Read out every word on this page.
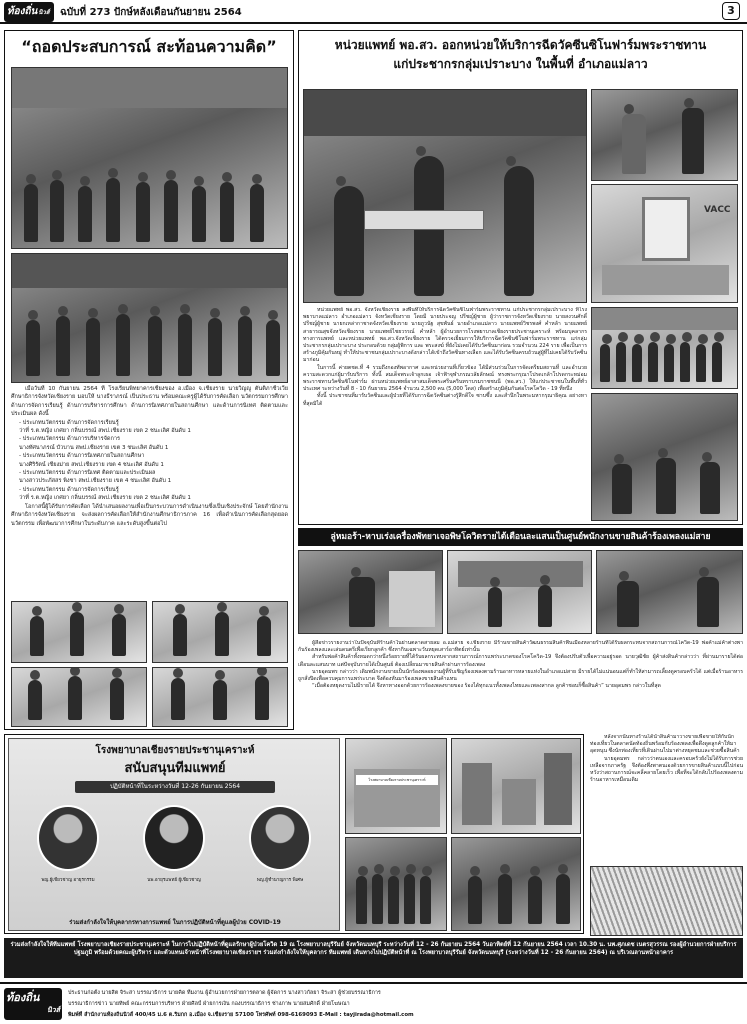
ท้องถิ่นนิวส์	ฉบับที่ 273 ปักษ์หลังเดือนกันยายน 2564	3
“ถอดประสบการณ์ สะท้อนความคิด”

เมื่อวันที่ 10 กันยายน 2564 ที่ โรงเรียนพิทยาคารเชียงของ อ.เมือง จ.เชียงราย นายวิญญู ตันติภาชีวเวีย ศึกษาธิการจังหวัดเชียงราย มอบให้ นางธีราภรณ์ เป็นประธาน พร้อมคณะครูผู้ได้รับการคัดเลือก นวัตกรรมการศึกษา ด้านการจัดการเรียนรู้ ด้านการบริหารการศึกษา ด้านการนิเทศภายในสถานศึกษา และด้านการนิเทศ ติดตามและประเมินผล ดังนี้

- ประเภทนวัตกรรม ด้านการจัดการเรียนรู้
ว่าที่ ร.ต.หญิง เกศยา กลิ่นบรรณ์ สพป.เชียงราย เขต 2 ชนะเลิศ อันดับ 1
- ประเภทนวัตกรรม ด้านการบริหารจัดการ
นางทัศนาภรณ์ บัวบาน สพป.เชียงราย เขต 3 ชนะเลิศ อันดับ 1
- ประเภทนวัตกรรม ด้านการนิเทศภายในสถานศึกษา
นางศิริรัตน์ เชียงม่าย สพป.เชียงราย เขต 4 ชนะเลิศ อันดับ 1
- ประเภทนวัตกรรม ด้านการนิเทศ ติดตามและประเมินผล
นางสาวประภัสสร พิงชา สพป.เชียงราย เขต 4 ชนะเลิศ อันดับ 1
- ประเภทนวัตกรรม ด้านการจัดการเรียนรู้
ว่าที่ ร.ต.หญิง เกศยา กลิ่นบรรณ์ สพป.เชียงราย เขต 2 ชนะเลิศ อันดับ 1

โอกาสนี้ผู้ได้รับการคัดเลือก ได้นำเสนอผลงานเพื่อเป็นกระบวนการดำเนินงานซึ่งเป็นเชิงประจักษ์ โดยสำนักงานศึกษาธิการจังหวัดเชียงราย จะส่งผลการคัดเลือกให้สำนักงานศึกษาธิการภาค 16 เพื่อดำเนินการคัดเลือกสุดยอดนวัตกรรม เพื่อพัฒนาการศึกษาในระดับภาค และระดับสูงขึ้นต่อไป

หน่วยแพทย์ พอ.สว. ออกหน่วยให้บริการฉีดวัคซีนซิโนฟาร์มพระราชทาน
แก่ประชากรกลุ่มเปราะบาง ในพื้นที่ อำเภอแม่ลาว
VACC

หน่วยแพทย์ พอ.สว. จังหวัดเชียงราย ลงพื้นที่ให้บริการฉีดวัคซีนซิโนฟาร์มพระราชทาน แก่ประชากรกลุ่มเปราะบาง ที่โรงพยาบาลแม่ลาว อำเภอแม่ลาว จังหวัดเชียงราย โดยมี นายประจญ ปรีชญ์ผู้ชาย ผู้ว่าราชการจังหวัดเชียงราย นายสงวนศักดิ์ ปรีชญ์ผู้ชาย นายกเหล่ากาชาดจังหวัดเชียงราย นายภูวนัฐ สุขพันธ์ นายอำเภอแม่ลาว นายแพทย์วิชรพงศ์ คำหล้า นายแพทย์สาธารณสุขจังหวัดเชียงราย นายแพทย์ไชยวรรณ์ คำหล้า ผู้อำนวยการโรงพยาบาลเชียงรายประชานุเคราะห์ พร้อมบุคลากรทางการแพทย์ และหน่วยแพทย์ พอ.สว.จังหวัดเชียงราย ได้ตรวจเยี่ยมการให้บริการฉีดวัคซีนซิโนฟาร์มพระราชทาน แก่กลุ่มประชากรกลุ่มเปราะบาง ประกอบด้วย กลุ่มผู้พิการ และ พระสงฆ์ ที่ยังไม่เคยได้รับวัคซีนมาก่อน รวมจำนวน 224 ราย เพื่อเป็นการสร้างภูมิคุ้มกันหมู่ ทำให้ประชาชนกลุ่มเปราะบางดังกล่าวได้เข้าถึงวัคซีนทางเลือก และได้รับวัคซีนครบถ้วนสู่ผู้ที่ไม่เคยได้รับวัคซีนมาก่อน

ในการนี้ ค่ายตชด.ที่ 4 รวมถึงกองทัพอากาศ และหน่วยงานที่เกี่ยวข้อง ได้มีส่วนร่วมในการจัดเตรียมสถานที่ และอำนวยความสะดวกแก่ผู้มารับบริการ ทั้งนี้ สมเด็จพระเจ้าลูกเธอ เจ้าฟ้าจุฬาภรณวลัยลักษณ์ ทรงพระกรุณาโปรดเกล้าโปรดกระหม่อม พระราชทานวัคซีนซิโนฟาร์ม ผ่านหน่วยแพทย์อาสาสมเด็จพระศรีนครินทราบรมราชชนนี (พอ.สว.) ให้แก่ประชาชนในพื้นที่ทั่วประเทศ ระหว่างวันที่ 8 - 10 กันยายน 2564 จำนวน 2,500 คน (5,000 โดส) เพื่อสร้างภูมิคุ้มกันต่อโรคโควิด - 19 ที่หนึ่ง

ทั้งนี้ ประชาชนที่มารับวัคซีนและผู้ป่วยที่ได้รับการฉีดวัคซีนต่างรู้สึกดีใจ ซาบซึ้ง และสำนึกในพระมหากรุณาธิคุณ อย่างหาที่สุดมิได้

ลู่หมอร้า-หาบเร่งเครื่องพัทยาเจอพิษโควิดรายได้เดือนละแสนเป็นศูนย์พนักงานขายสินค้าร้องเพลงแม่สาย

ผู้สื่อข่าวรายงานว่าในปัจจุบันที่ร้านค้าในย่านตลาดสายลม อ.แม่สาย จ.เชียงราย มีร้านขายสินค้าวัฒนธรรมสินค้าพื้นเมืองหลายร้านที่ได้รับผลกระทบจากสถานการณ์โควิด-19 พ่อค้าแม่ค้าต่างพากันร้องเพลงและเล่นดนตรีเพื่อเรียกลูกค้า ซึ่งหากินเฉพาะวันหยุดเสาร์อาทิตย์เท่านั้น

สำหรับพ่อค้าสินค้าทั้งหมดกว่าหนึ่งร้อยรายที่ได้รับผลกระทบจากสถานการณ์การแพร่ระบาดของโรคโควิด-19 จึงต้องปรับตัวเพื่อความอยู่รอด นายวุฒิชัย ผู้ค้าส่งสินค้ากล่าวว่า ที่ผ่านมารายได้ต่อเดือนละแสนบาท แต่ปัจจุบันรายได้เป็นศูนย์ ต้องเปลี่ยนมาขายสินค้าผ่านการร้องเพลง

นายอุดมพร กล่าวว่า เดิมพนักงานขายเป็นนักร้องพลอยงามผู้ที่รับเชิญร้องเพลงตามร้านอาหารหลายแห่งในอำเภอแม่สาย มีรายได้ไม่แน่นอนแต่ก็ทำให้สามารถเลี้ยงดูครอบครัวได้ แต่เมื่อร้านอาหารถูกสั่งปิดเพื่อควบคุมการแพร่ระบาด จึงต้องหันมาร้องเพลงขายสินค้าแทน

“เมื่อต้องหยุดงานไม่มีรายได้ จึงหาทางออกด้วยการร้องเพลงขายของ ร้องได้ทุกแนวทั้งเพลงไทยและเพลงสากล ลูกค้าชอบก็ซื้อสินค้า” นายอุดมพร กล่าวในที่สุด

โรงพยาบาลเชียงรายประชานุเคราะห์
สนับสนุนทีมแพทย์
ปฏิบัติหน้าที่ในระหว่างวันที่ 12-26 กันยายน 2564
พญ.ผู้เชี่ยวชาญ อายุรกรรม	นพ.อายุรแพทย์ ผู้เชี่ยวชาญ	พญ.ผู้ชำนาญการ พิเศษ
ร่วมส่งกำลังใจให้บุคลากรทางการแพทย์ ในการปฏิบัติหน้าที่ดูแลผู้ป่วย COVID-19
โรงพยาบาลเชียงรายประชานุเคราะห์

หลังจากนั้นทางร้านได้นำสินค้ามาวางขายเพื่อขายให้กับนักท่องเที่ยวในตลาดนัดท้องถิ่นพร้อมกับร้องเพลงเพื่อดึงดูดลูกค้าให้มาอุดหนุน ซึ่งนักท่องเที่ยวที่เดินผ่านไปมาต่างหยุดชมและช่วยซื้อสินค้า

นายอุดมพร กล่าวว่าตนเองและครอบครัวยังไม่ได้รับการช่วยเหลือจากภาครัฐ จึงต้องพึ่งพาตนเองด้วยการขายสินค้าแบบนี้ไปก่อน หวังว่าสถานการณ์จะคลี่คลายโดยเร็ว เพื่อที่จะได้กลับไปร้องเพลงตามร้านอาหารเหมือนเดิม

ร่วมส่งกำลังใจให้ทีมแพทย์ โรงพยาบาลเชียงรายประชานุเคราะห์ ในการไปปฏิบัติหน้าที่ดูแลรักษาผู้ป่วยโควิด 19 ณ โรงพยาบาลบุรีรัมย์ จังหวัดนนทบุรี ระหว่างวันที่ 12 - 26 กันยายน 2564 วันอาทิตย์ที่ 12 กันยายน 2564 เวลา 10.30 น. นพ.ศุภเดช เนตรสุวรรณ รองผู้อำนวยการฝ่ายบริการปฐมภูมิ พร้อมด้วยคณะผู้บริหาร และตัวแทนเจ้าหน้าที่โรงพยาบาลเชียงรายฯ ร่วมส่งกำลังใจให้บุคลากร ทีมแพทย์ เดินทางไปปฏิบัติหน้าที่ ณ โรงพยาบาลบุรีรัมย์ จังหวัดนนทบุรี (ระหว่างวันที่ 12 - 26 กันยายน 2564) ณ บริเวณลานหน้าอาคาร
ท้องถิ่น
นิวส์
ประธานก่อตั้ง นายสิต จิระสา บรรณาธิการ นายคิด ทีมงาน ผู้อำนวยการฝ่ายการตลาด ผู้จัดการ นางสาวกัลยา จิระสา ผู้ช่วยบรรณาธิการ
บรรณาธิการข่าว นายทิพย์ คณะกรรมการบริหาร ฝ่ายศิลป์ ฝ่ายการเงิน กองบรรณาธิการ ช่างภาพ นายสมศักดิ์ ฝ่ายโฆษณา
พิมพ์ที่ สำนักงานท้องถิ่นนิวส์ 400/45 ม.6 ต.ริมกก อ.เมือง จ.เชียงราย 57100 โทรศัพท์ 098-6169093 E-Mail : tayjirada@hotmail.com
